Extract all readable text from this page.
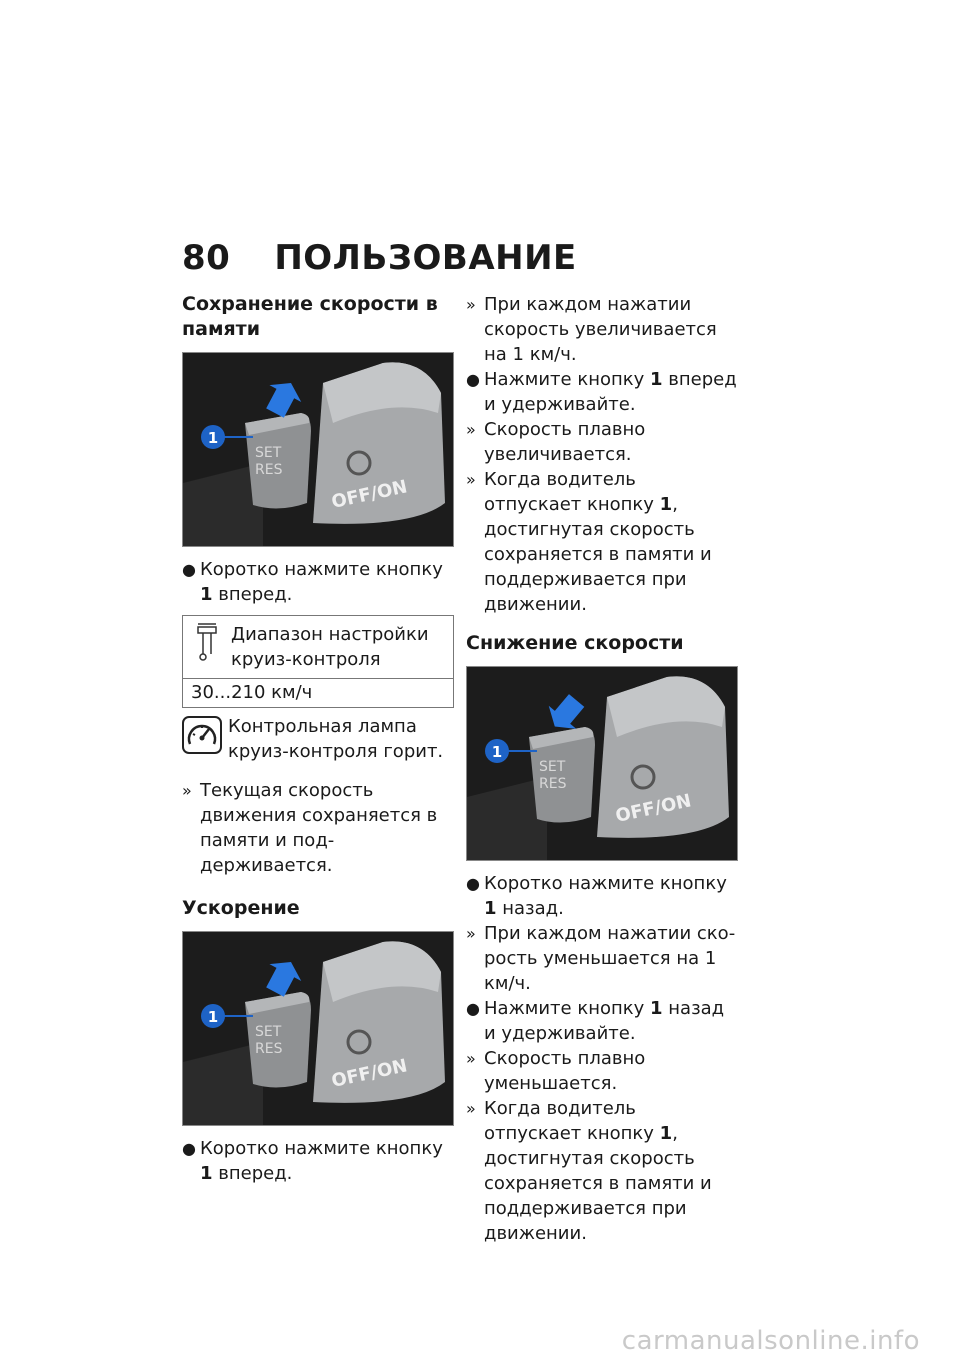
80 ПОЛЬЗОВАНИЕ
Сохранение скорости в памяти
SET
RES
OFF/ON
1

● Коротко нажмите кнопку 1 вперед.

Диапазон настройки круиз-контроля
30...210 км/ч
Контрольная лампа круиз-контроля горит.

» Текущая скорость движения сохраняется в памяти и поддерживается.

Ускорение
SET
RES
OFF/ON
1

● Коротко нажмите кнопку 1 вперед.

» При каждом нажатии скорость увеличивается на 1 км/ч.

● Нажмите кнопку 1 вперед и удерживайте.

» Скорость плавно увеличивается.

» Когда водитель отпускает кнопку 1, достигнутая скорость сохраняется в памяти и поддерживается при движении.

Снижение скорости
SET
RES
OFF/ON
1

● Коротко нажмите кнопку 1 назад.

» При каждом нажатии скорость уменьшается на 1 км/ч.

● Нажмите кнопку 1 назад и удерживайте.

» Скорость плавно уменьшается.

» Когда водитель отпускает кнопку 1, достигнутая скорость сохраняется в памяти и поддерживается при движении.

carmanualsonline.info
